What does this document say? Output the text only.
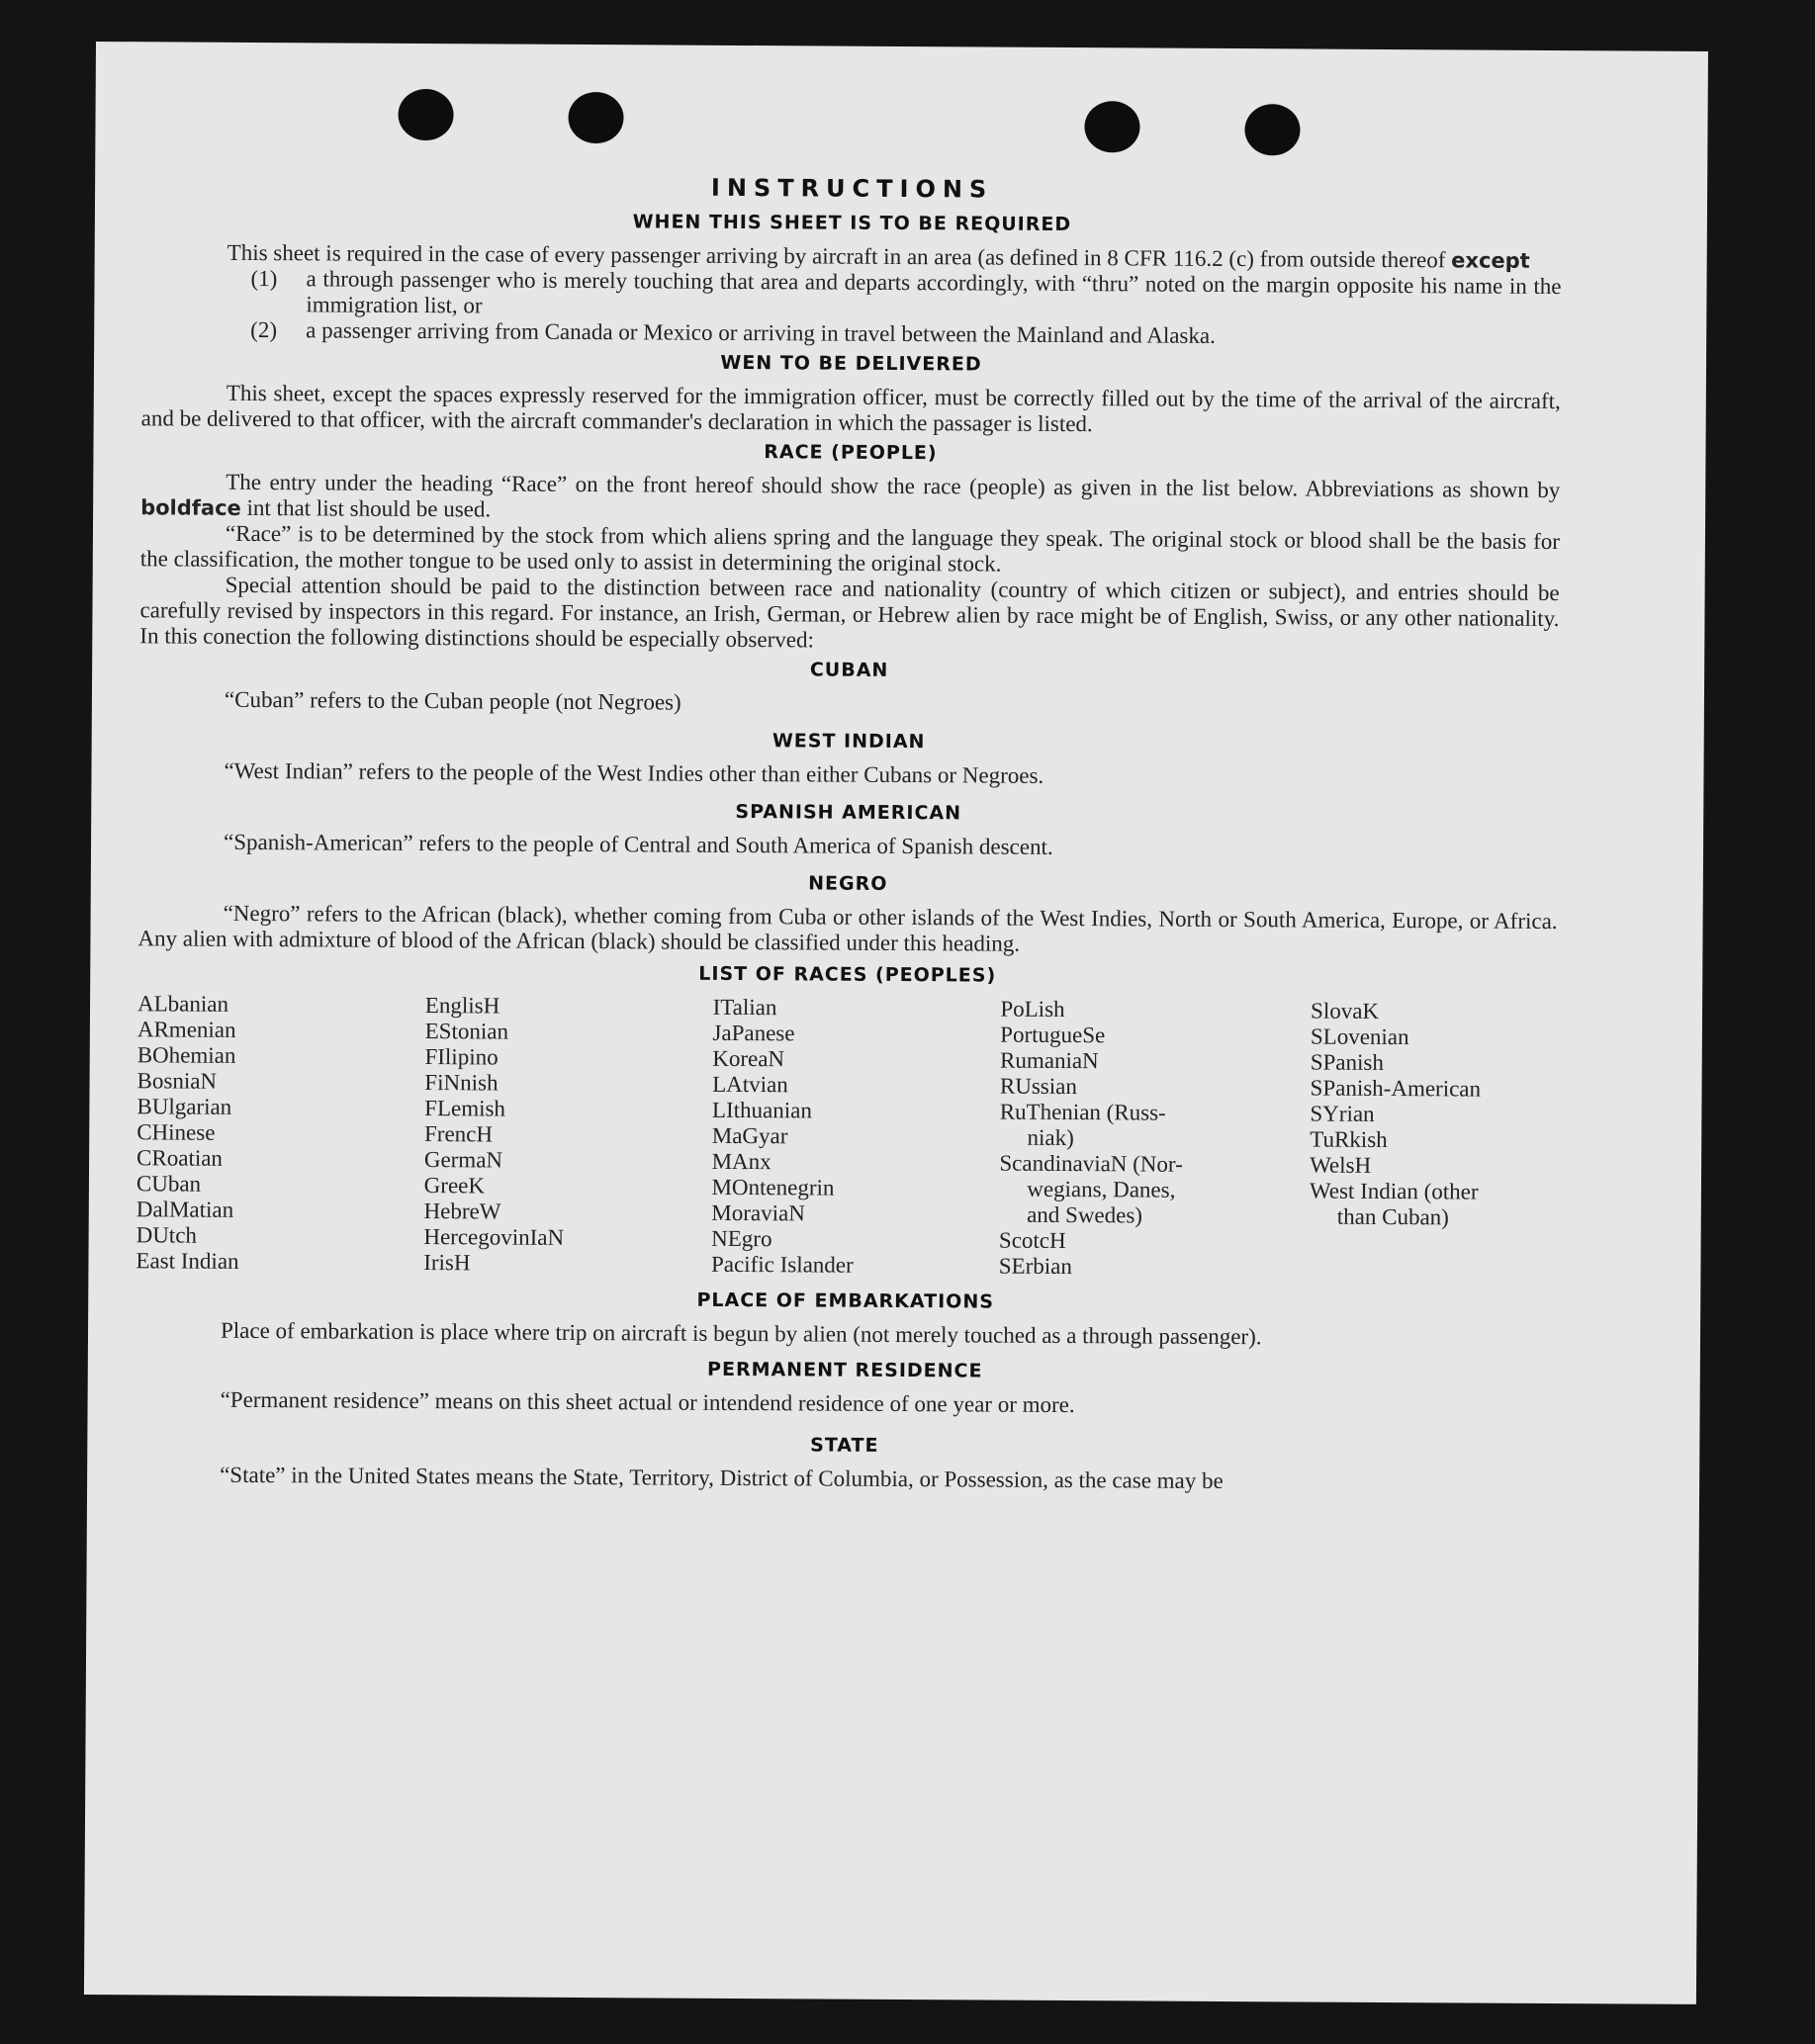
INSTRUCTIONS
WHEN THIS SHEET IS TO BE REQUIRED

This sheet is required in the case of every passenger arriving by aircraft in an area (as defined in 8 CFR 116.2 (c) from outside thereof except

(1)	a through passenger who is merely touching that area and departs accordingly, with “thru” noted on the margin opposite his name in the immigration list, or
(2)	a passenger arriving from Canada or Mexico or arriving in travel between the Mainland and Alaska.
WEN TO BE DELIVERED

This sheet, except the spaces expressly reserved for the immigration officer, must be correctly filled out by the time of the arrival of the aircraft, and be delivered to that officer, with the aircraft commander's declaration in which the passager is listed.

RACE (PEOPLE)

The entry under the heading “Race” on the front hereof should show the race (people) as given in the list below. Abbreviations as shown by boldface int that list should be used.

“Race” is to be determined by the stock from which aliens spring and the language they speak. The original stock or blood shall be the basis for the classification, the mother tongue to be used only to assist in determining the original stock.

Special attention should be paid to the distinction between race and nationality (country of which citizen or subject), and entries should be carefully revised by inspectors in this regard. For instance, an Irish, German, or Hebrew alien by race might be of English, Swiss, or any other nationality. In this conection the following distinctions should be especially observed:

CUBAN

“Cuban” refers to the Cuban people (not Negroes)

WEST INDIAN

“West Indian” refers to the people of the West Indies other than either Cubans or Negroes.

SPANISH AMERICAN

“Spanish-American” refers to the people of Central and South America of Spanish descent.

NEGRO

“Negro” refers to the African (black), whether coming from Cuba or other islands of the West Indies, North or South America, Europe, or Africa. Any alien with admixture of blood of the African (black) should be classified under this heading.

LIST OF RACES (PEOPLES)
ALbanian
ARmenian
BOhemian
BosniaN
BUlgarian
CHinese
CRoatian
CUban
DalMatian
DUtch
East Indian
EnglisH
EStonian
FIlipino
FiNnish
FLemish
FrencH
GermaN
GreeK
HebreW
HercegovinIaN
IrisH
ITalian
JaPanese
KoreaN
LAtvian
LIthuanian
MaGyar
MAnx
MOntenegrin
MoraviaN
NEgro
Pacific Islander
PoLish
PortugueSe
RumaniaN
RUssian
RuThenian (Russ-
niak)
ScandinaviaN (Nor-
wegians, Danes,
and Swedes)
ScotcH
SErbian
SlovaK
SLovenian
SPanish
SPanish-American
SYrian
TuRkish
WelsH
West Indian (other
than Cuban)
PLACE OF EMBARKATIONS

Place of embarkation is place where trip on aircraft is begun by alien (not merely touched as a through passenger).

PERMANENT RESIDENCE

“Permanent residence” means on this sheet actual or intendend residence of one year or more.

STATE

“State” in the United States means the State, Territory, District of Columbia, or Possession, as the case may be
